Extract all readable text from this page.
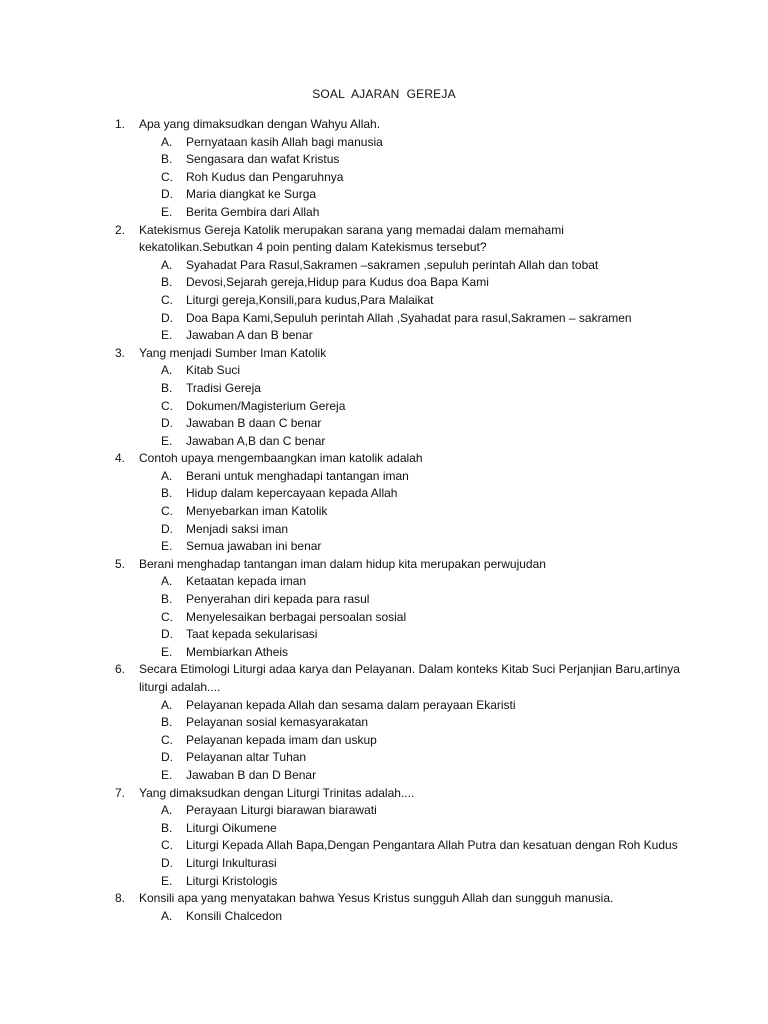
SOAL  AJARAN  GEREJA
1. Apa yang dimaksudkan dengan Wahyu Allah.
A. Pernyataan kasih Allah bagi manusia
B. Sengasara dan wafat Kristus
C. Roh Kudus dan Pengaruhnya
D. Maria diangkat ke Surga
E. Berita Gembira dari Allah
2. Katekismus Gereja Katolik merupakan sarana yang memadai dalam memahami kekatolikan.Sebutkan 4 poin penting dalam Katekismus tersebut?
A. Syahadat Para Rasul,Sakramen –sakramen ,sepuluh perintah Allah dan tobat
B. Devosi,Sejarah gereja,Hidup para Kudus doa Bapa Kami
C. Liturgi gereja,Konsili,para kudus,Para Malaikat
D. Doa Bapa Kami,Sepuluh perintah Allah ,Syahadat para rasul,Sakramen – sakramen
E. Jawaban A dan B benar
3. Yang menjadi Sumber Iman Katolik
A. Kitab Suci
B. Tradisi Gereja
C. Dokumen/Magisterium Gereja
D. Jawaban B daan C benar
E. Jawaban A,B dan C benar
4. Contoh upaya mengembaangkan iman katolik adalah
A. Berani untuk menghadapi tantangan iman
B. Hidup dalam kepercayaan kepada Allah
C. Menyebarkan iman Katolik
D. Menjadi saksi iman
E. Semua jawaban ini benar
5. Berani menghadap tantangan iman dalam hidup kita merupakan perwujudan
A. Ketaatan kepada iman
B. Penyerahan diri kepada para rasul
C. Menyelesaikan berbagai persoalan sosial
D. Taat kepada sekularisasi
E. Membiarkan Atheis
6. Secara Etimologi Liturgi adaa karya dan Pelayanan. Dalam konteks Kitab Suci Perjanjian Baru,artinya liturgi adalah....
A. Pelayanan kepada Allah dan sesama dalam perayaan Ekaristi
B. Pelayanan sosial kemasyarakatan
C. Pelayanan kepada imam dan uskup
D. Pelayanan altar Tuhan
E. Jawaban B dan D Benar
7. Yang dimaksudkan dengan Liturgi Trinitas adalah....
A. Perayaan Liturgi biarawan biarawati
B. Liturgi Oikumene
C. Liturgi Kepada Allah Bapa,Dengan Pengantara Allah Putra dan kesatuan dengan Roh Kudus
D. Liturgi Inkulturasi
E. Liturgi Kristologis
8. Konsili apa yang menyatakan bahwa Yesus Kristus sungguh Allah dan sungguh manusia.
A. Konsili Chalcedon
